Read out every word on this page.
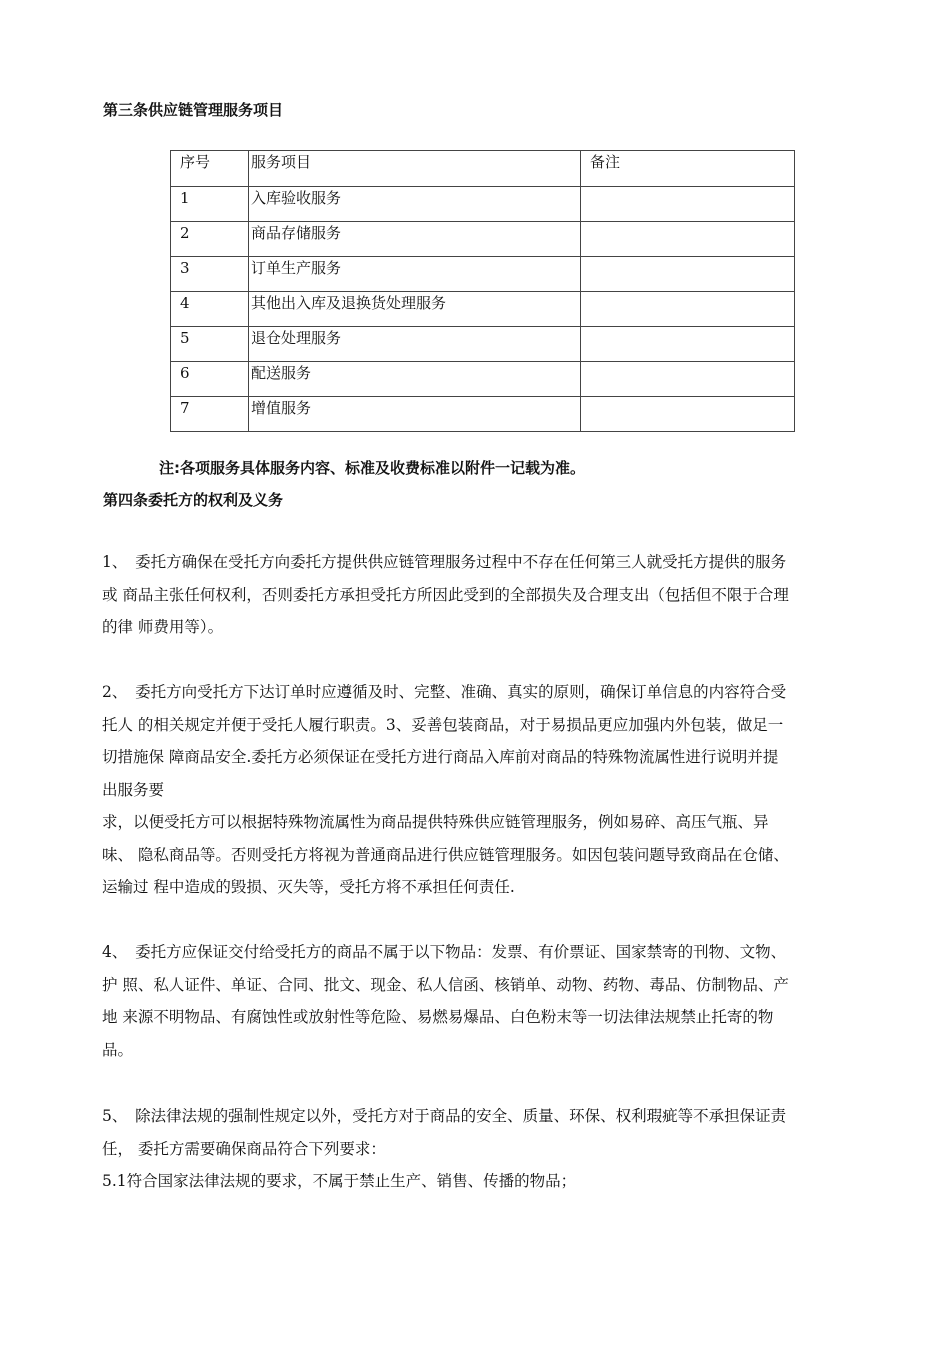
第三条供应链管理服务项目
序号	服务项目	备注
1	入库验收服务	
2	商品存储服务	
3	订单生产服务	
4	其他出入库及退换货处理服务	
5	退仓处理服务	
6	配送服务	
7	增值服务	
注:各项服务具体服务内容、标准及收费标准以附件一记载为准。
第四条委托方的权利及义务
1、　委托方确保在受托方向委托方提供供应链管理服务过程中不存在任何第三人就受托方提供的服务
或 商品主张任何权利，否则委托方承担受托方所因此受到的全部损失及合理支出（包括但不限于合理
的律 师费用等）。
2、　委托方向受托方下达订单时应遵循及时、完整、准确、真实的原则，确保订单信息的内容符合受
托人 的相关规定并便于受托人履行职责。3、妥善包装商品，对于易损品更应加强内外包装，做足一
切措施保 障商品安全.委托方必须保证在受托方进行商品入库前对商品的特殊物流属性进行说明并提
出服务要
求，以便受托方可以根据特殊物流属性为商品提供特殊供应链管理服务，例如易碎、高压气瓶、异
味、 隐私商品等。否则受托方将视为普通商品进行供应链管理服务。如因包装问题导致商品在仓储、
运输过 程中造成的毁损、灭失等，受托方将不承担任何责任.
4、　委托方应保证交付给受托方的商品不属于以下物品：发票、有价票证、国家禁寄的刊物、文物、
护 照、私人证件、单证、合同、批文、现金、私人信函、核销单、动物、药物、毒品、仿制物品、产
地 来源不明物品、有腐蚀性或放射性等危险、易燃易爆品、白色粉末等一切法律法规禁止托寄的物
品。
5、　除法律法规的强制性规定以外，受托方对于商品的安全、质量、环保、权利瑕疵等不承担保证责
任， 委托方需要确保商品符合下列要求：
5.1符合国家法律法规的要求，不属于禁止生产、销售、传播的物品；
